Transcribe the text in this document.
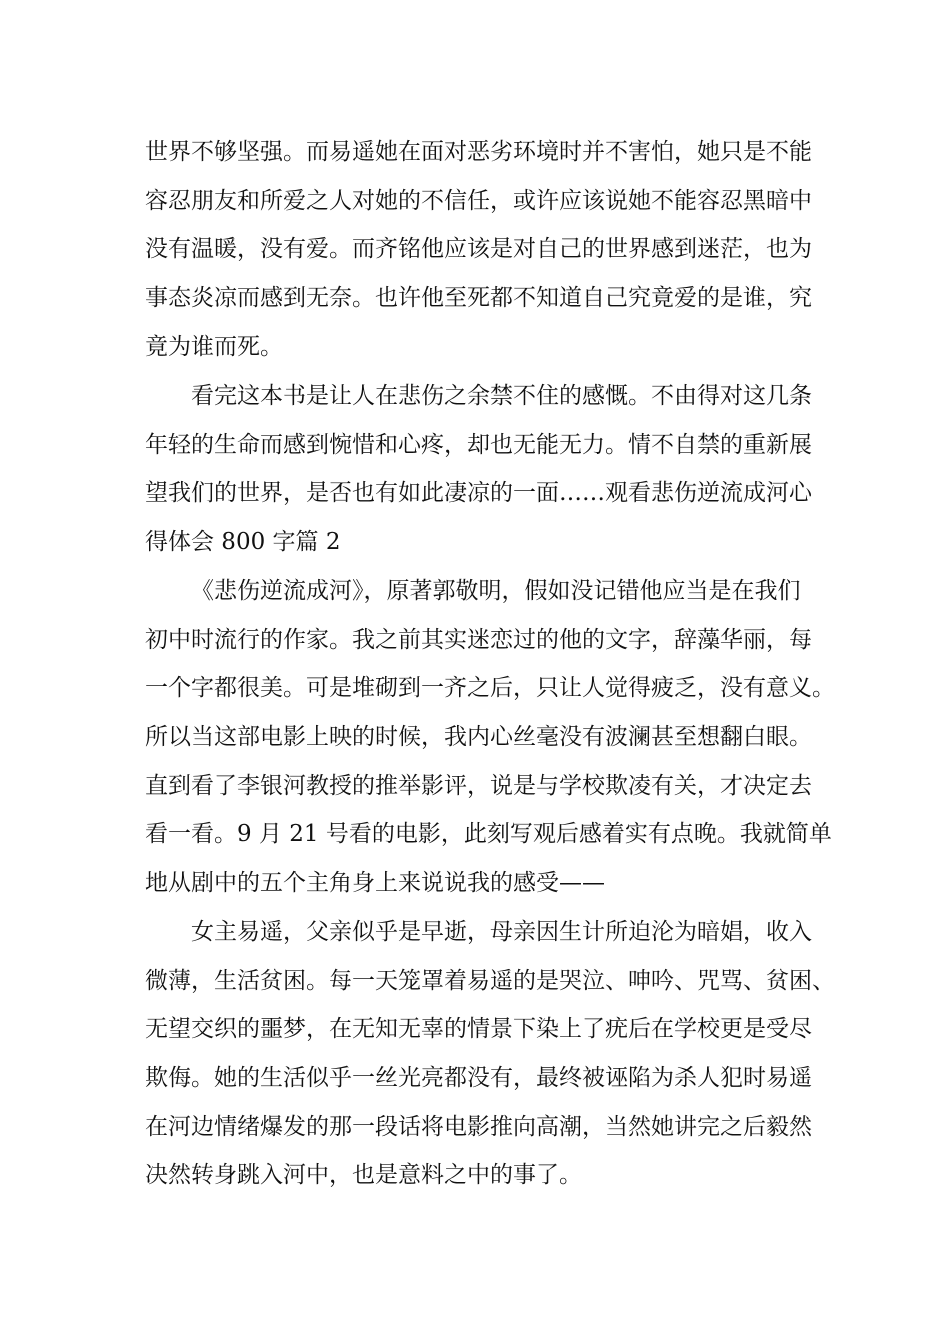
世界不够坚强。而易遥她在面对恶劣环境时并不害怕，她只是不能
容忍朋友和所爱之人对她的不信任，或许应该说她不能容忍黑暗中
没有温暖，没有爱。而齐铭他应该是对自己的世界感到迷茫，也为
事态炎凉而感到无奈。也许他至死都不知道自己究竟爱的是谁，究
竟为谁而死。
看完这本书是让人在悲伤之余禁不住的感慨。不由得对这几条
年轻的生命而感到惋惜和心疼，却也无能无力。情不自禁的重新展
望我们的世界，是否也有如此凄凉的一面……观看悲伤逆流成河心
得体会 800 字篇 2
《悲伤逆流成河》，原著郭敬明，假如没记错他应当是在我们
初中时流行的作家。我之前其实迷恋过的他的文字，辞藻华丽，每
一个字都很美。可是堆砌到一齐之后，只让人觉得疲乏，没有意义。
所以当这部电影上映的时候，我内心丝毫没有波澜甚至想翻白眼。
直到看了李银河教授的推举影评，说是与学校欺凌有关，才决定去
看一看。9 月 21 号看的电影，此刻写观后感着实有点晚。我就简单
地从剧中的五个主角身上来说说我的感受——
女主易遥，父亲似乎是早逝，母亲因生计所迫沦为暗娼，收入
微薄，生活贫困。每一天笼罩着易遥的是哭泣、呻吟、咒骂、贫困、
无望交织的噩梦，在无知无辜的情景下染上了疣后在学校更是受尽
欺侮。她的生活似乎一丝光亮都没有，最终被诬陷为杀人犯时易遥
在河边情绪爆发的那一段话将电影推向高潮，当然她讲完之后毅然
决然转身跳入河中，也是意料之中的事了。
